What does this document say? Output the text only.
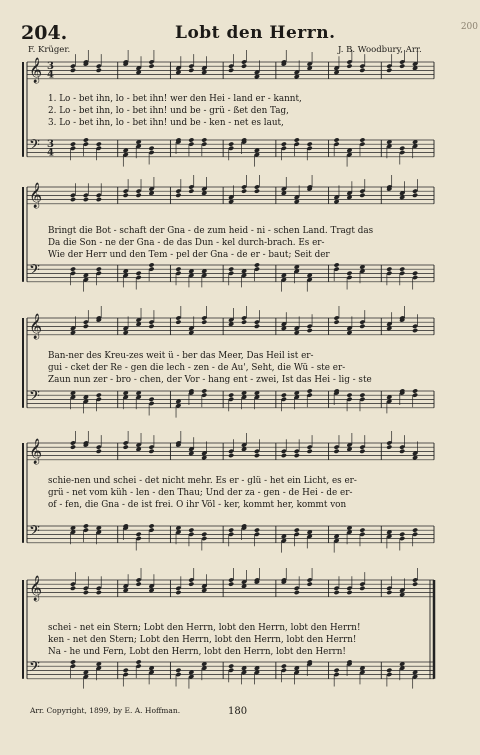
𝄞
𝄢
3
3
4
4
𝄞
𝄢
𝄞
𝄢
𝄞
𝄢
𝄞
𝄢
204.	Lobt den Herrn.
F. Krüger.	J. B. Woodbury, Arr.
200
1. Lo - bet ihn, lo - bet ihn! wer den Hei - land er - kannt,
2. Lo - bet ihn, lo - bet ihn! und be - grü - ßet den Tag,
3. Lo - bet ihn, lo - bet ihn! und be - ken - net es laut,
Bringt die Bot - schaft der Gna - de zum heid - ni - schen Land. Tragt das
Da die Son - ne der Gna - de das Dun - kel durch-brach. Es er-
Wie der Herr und den Tem - pel der Gna - de er - baut; Seit der
Ban-ner des Kreu-zes weit ü - ber das Meer, Das Heil ist er-
gui - cket der Re - gen die lech - zen - de Au', Seht, die Wü - ste er-
Zaun nun zer - bro - chen, der Vor - hang ent - zwei, Ist das Hei - lig - ste
schie-nen und schei - det nicht mehr. Es er - glü - het ein Licht, es er-
grü - net vom küh - len - den Thau; Und der za - gen - de Hei - de er-
of - fen, die Gna - de ist frei. O ihr Völ - ker, kommt her, kommt von
schei - net ein Stern; Lobt den Herrn, lobt den Herrn, lobt den Herrn!
ken - net den Stern; Lobt den Herrn, lobt den Herrn, lobt den Herrn!
Na - he und Fern, Lobt den Herrn, lobt den Herrn, lobt den Herrn!
Arr. Copyright, 1899, by E. A. Hoffman.	180
